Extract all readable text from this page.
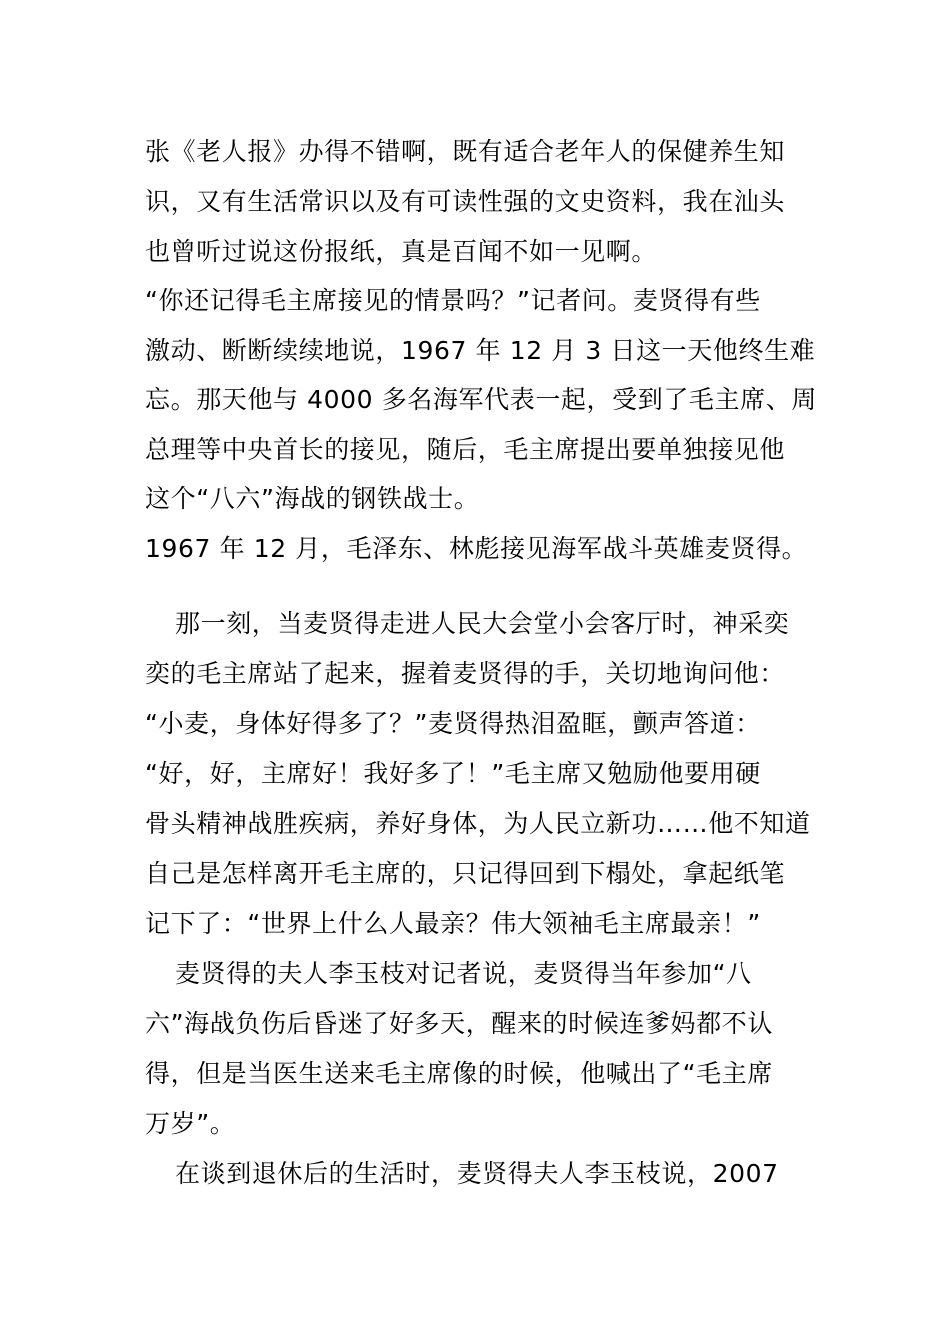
张《老人报》办得不错啊，既有适合老年人的保健养生知
识，又有生活常识以及有可读性强的文史资料，我在汕头
也曾听过说这份报纸，真是百闻不如一见啊。
“你还记得毛主席接见的情景吗？”记者问。麦贤得有些
激动、断断续续地说，1967 年 12 月 3 日这一天他终生难
忘。那天他与 4000 多名海军代表一起，受到了毛主席、周
总理等中央首长的接见，随后，毛主席提出要单独接见他
这个“八六”海战的钢铁战士。
1967 年 12 月，毛泽东、林彪接见海军战斗英雄麦贤得。
那一刻，当麦贤得走进人民大会堂小会客厅时，神采奕
奕的毛主席站了起来，握着麦贤得的手，关切地询问他：
“小麦，身体好得多了？”麦贤得热泪盈眶，颤声答道：
“好，好，主席好！我好多了！”毛主席又勉励他要用硬
骨头精神战胜疾病，养好身体，为人民立新功……他不知道
自己是怎样离开毛主席的，只记得回到下榻处，拿起纸笔
记下了：“世界上什么人最亲？伟大领袖毛主席最亲！”
麦贤得的夫人李玉枝对记者说，麦贤得当年参加“八
六”海战负伤后昏迷了好多天，醒来的时候连爹妈都不认
得，但是当医生送来毛主席像的时候，他喊出了“毛主席
万岁”。
在谈到退休后的生活时，麦贤得夫人李玉枝说，2007
